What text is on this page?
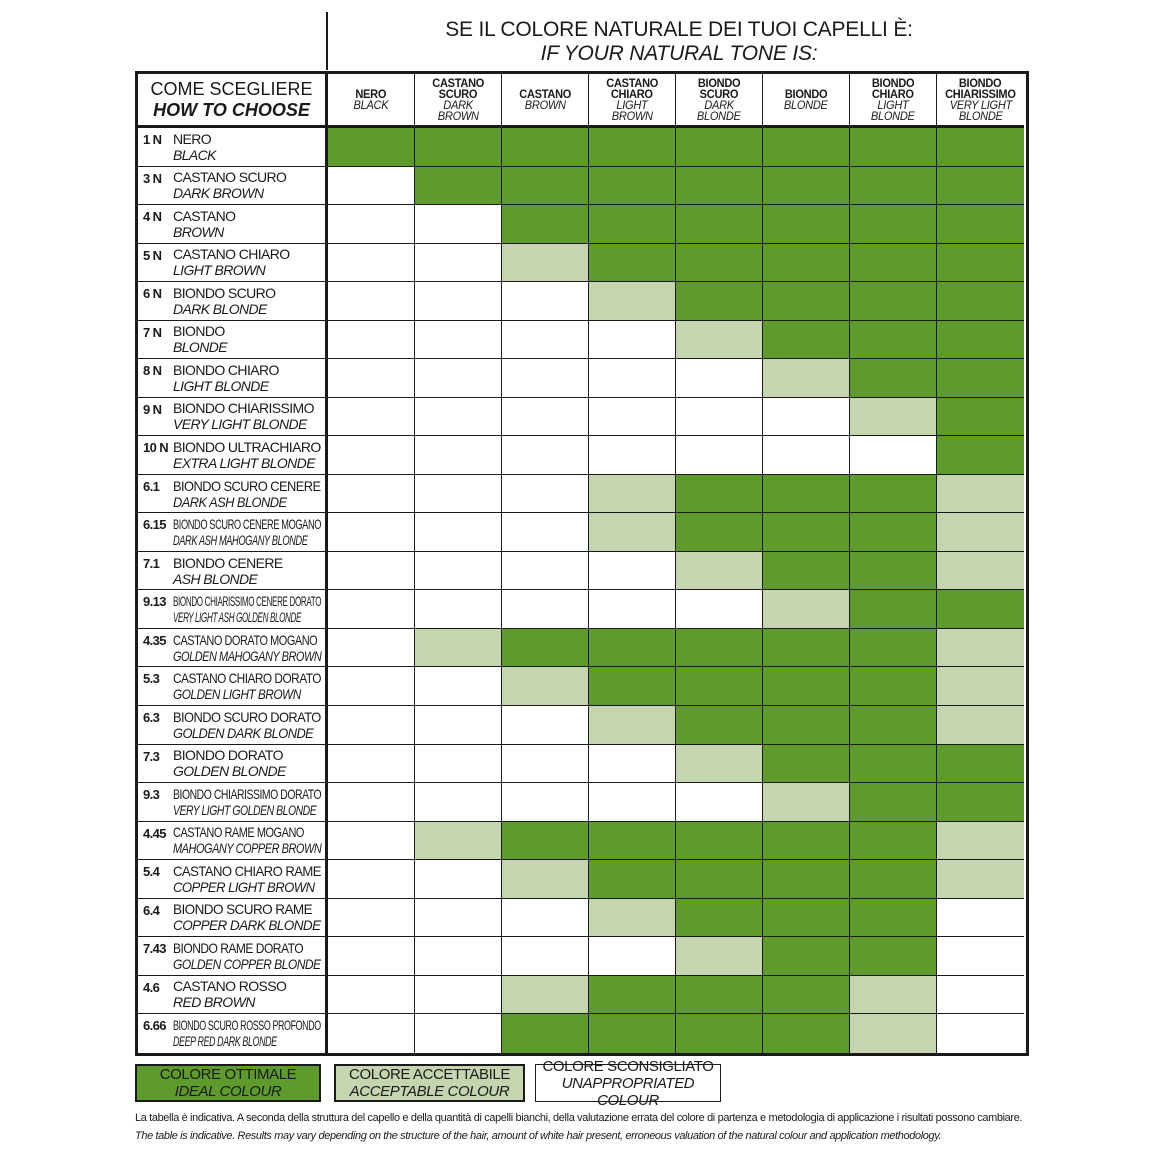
SE IL COLORE NATURALE DEI TUOI CAPELLI È:
IF YOUR NATURAL TONE IS:
COME SCEGLIERE
HOW TO CHOOSE
NERO
BLACK
CASTANO
SCURO
DARK
BROWN
CASTANO
BROWN
CASTANO
CHIARO
LIGHT
BROWN
BIONDO
SCURO
DARK
BLONDE
BIONDO
BLONDE
BIONDO
CHIARO
LIGHT
BLONDE
BIONDO
CHIARISSIMO
VERY LIGHT
BLONDE
1 N NERO
BLACK
3 N CASTANO SCURO
DARK BROWN
4 N CASTANO
BROWN
5 N CASTANO CHIARO
LIGHT BROWN
6 N BIONDO SCURO
DARK BLONDE
7 N BIONDO
BLONDE
8 N BIONDO CHIARO
LIGHT BLONDE
9 N BIONDO CHIARISSIMO
VERY LIGHT BLONDE
10 N BIONDO ULTRACHIARO
EXTRA LIGHT BLONDE
6.1 BIONDO SCURO CENERE
DARK ASH BLONDE
6.15 BIONDO SCURO CENERE MOGANO
DARK ASH MAHOGANY BLONDE
7.1 BIONDO CENERE
ASH BLONDE
9.13 BIONDO CHIARISSIMO CENERE DORATO
VERY LIGHT ASH GOLDEN BLONDE
4.35 CASTANO DORATO MOGANO
GOLDEN MAHOGANY BROWN
5.3 CASTANO CHIARO DORATO
GOLDEN LIGHT BROWN
6.3 BIONDO SCURO DORATO
GOLDEN DARK BLONDE
7.3 BIONDO DORATO
GOLDEN BLONDE
9.3 BIONDO CHIARISSIMO DORATO
VERY LIGHT GOLDEN BLONDE
4.45 CASTANO RAME MOGANO
MAHOGANY COPPER BROWN
5.4 CASTANO CHIARO RAME
COPPER LIGHT BROWN
6.4 BIONDO SCURO RAME
COPPER DARK BLONDE
7.43 BIONDO RAME DORATO
GOLDEN COPPER BLONDE
4.6 CASTANO ROSSO
RED BROWN
6.66 BIONDO SCURO ROSSO PROFONDO
DEEP RED DARK BLONDE
COLORE OTTIMALE
IDEAL COLOUR
COLORE ACCETTABILE
ACCEPTABLE COLOUR
COLORE SCONSIGLIATO
UNAPPROPRIATED COLOUR
La tabella è indicativa. A seconda della struttura del capello e della quantità di capelli bianchi, della valutazione errata del colore di partenza e metodologia di applicazione i risultati possono cambiare.
The table is indicative. Results may vary depending on the structure of the hair, amount of white hair present, erroneous valuation of the natural colour and application methodology.
